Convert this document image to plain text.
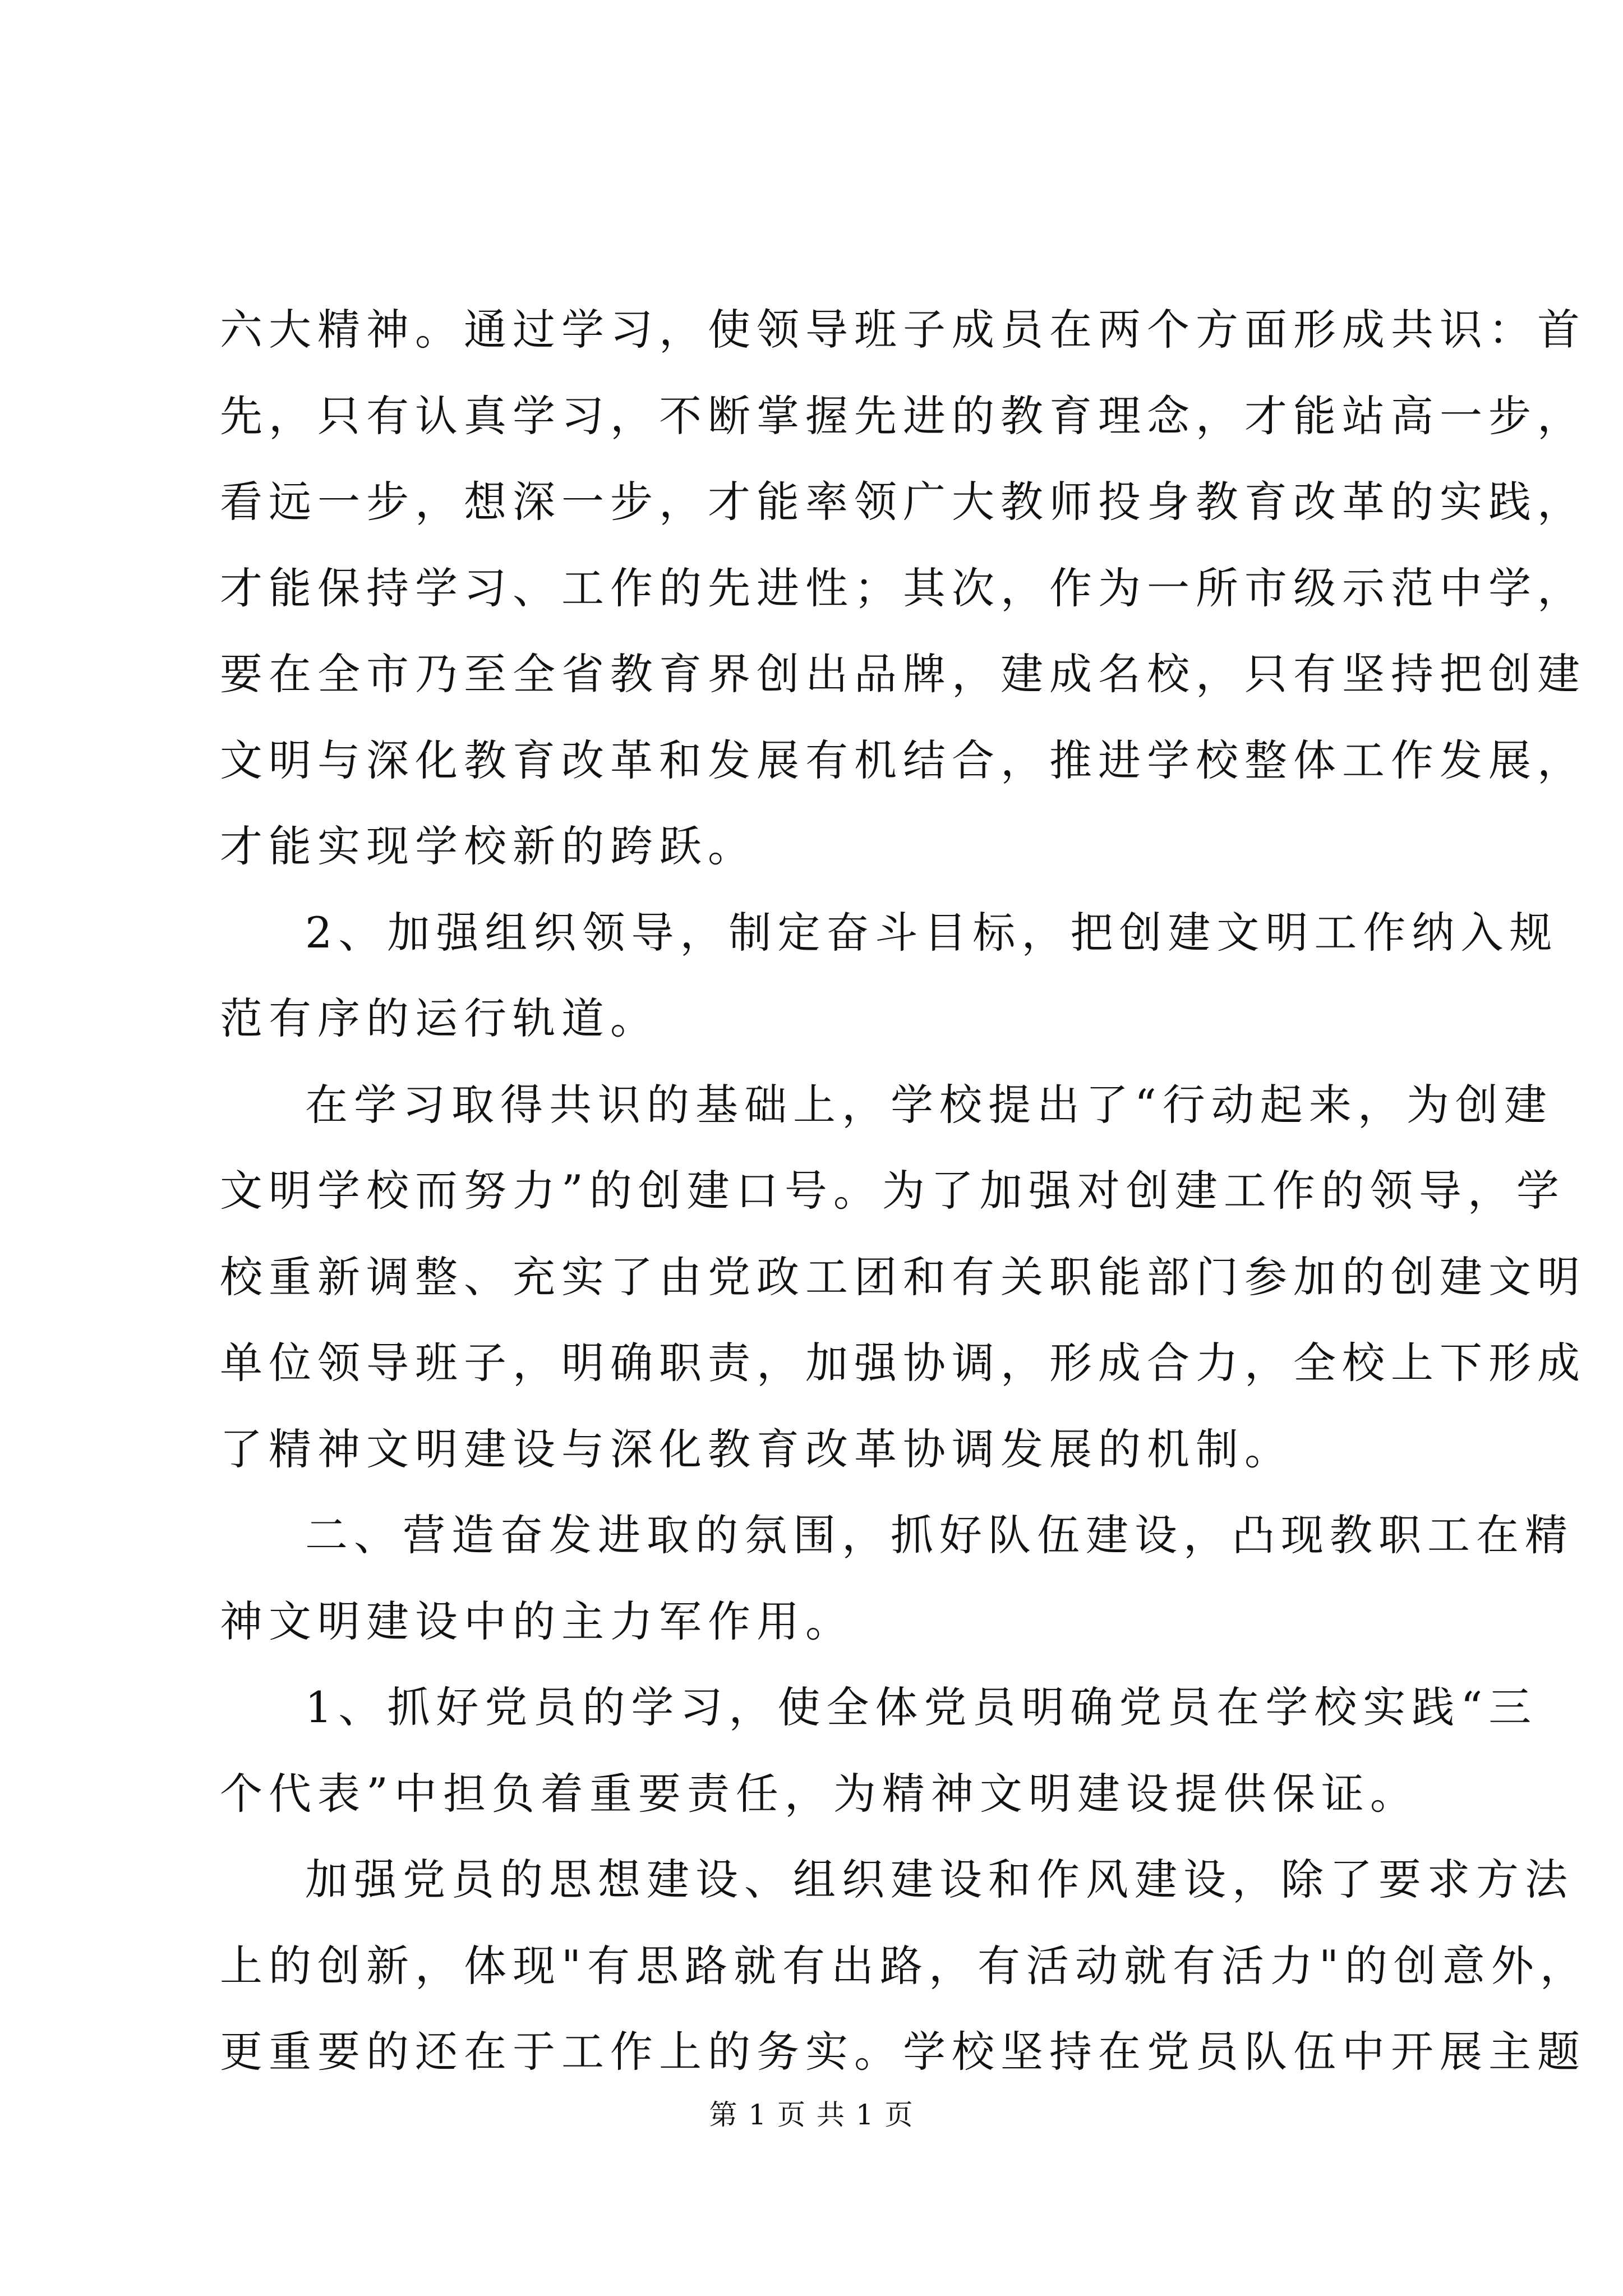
六大精神。通过学习，使领导班子成员在两个方面形成共识：首
先，只有认真学习，不断掌握先进的教育理念，才能站高一步，
看远一步，想深一步，才能率领广大教师投身教育改革的实践，
才能保持学习、工作的先进性；其次，作为一所市级示范中学，
要在全市乃至全省教育界创出品牌，建成名校，只有坚持把创建
文明与深化教育改革和发展有机结合，推进学校整体工作发展，
才能实现学校新的跨跃。
2、加强组织领导，制定奋斗目标，把创建文明工作纳入规
范有序的运行轨道。
在学习取得共识的基础上，学校提出了“行动起来，为创建
文明学校而努力”的创建口号。为了加强对创建工作的领导，学
校重新调整、充实了由党政工团和有关职能部门参加的创建文明
单位领导班子，明确职责，加强协调，形成合力，全校上下形成
了精神文明建设与深化教育改革协调发展的机制。
二、营造奋发进取的氛围，抓好队伍建设，凸现教职工在精
神文明建设中的主力军作用。
1、抓好党员的学习，使全体党员明确党员在学校实践“三
个代表”中担负着重要责任，为精神文明建设提供保证。
加强党员的思想建设、组织建设和作风建设，除了要求方法
上的创新，体现"有思路就有出路，有活动就有活力"的创意外，
更重要的还在于工作上的务实。学校坚持在党员队伍中开展主题
第 1 页 共 1 页
